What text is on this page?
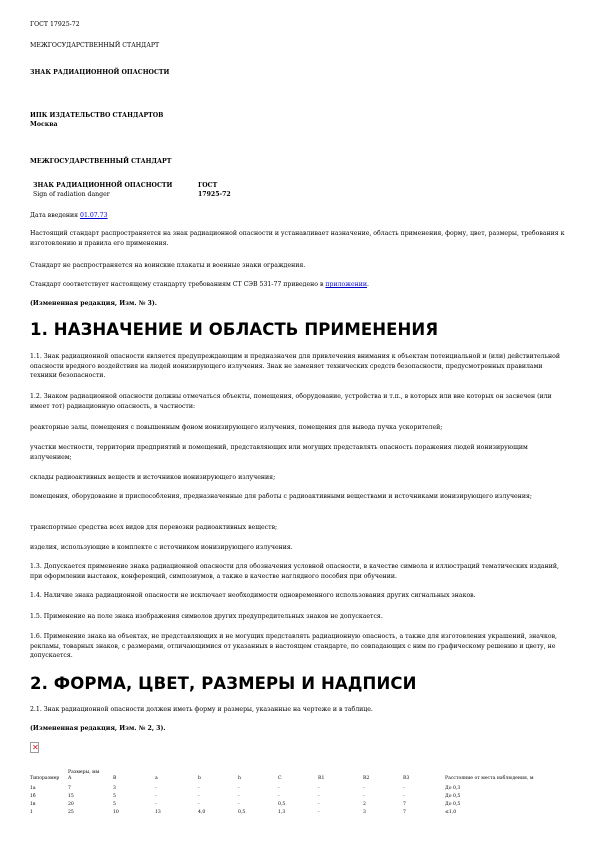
ГОСТ 17925-72
МЕЖГОСУДАРСТВЕННЫЙ СТАНДАРТ
ЗНАК РАДИАЦИОННОЙ ОПАСНОСТИ
ИПК ИЗДАТЕЛЬСТВО СТАНДАРТОВ
Москва
МЕЖГОСУДАРСТВЕННЫЙ СТАНДАРТ
ЗНАК РАДИАЦИОННОЙ ОПАСНОСТИ
Sign of radiation danger
ГОСТ
17925-72
Дата введения 01.07.73
Настоящий стандарт распространяется на знак радиационной опасности и устанавливает назначение, область применения, форму, цвет, размеры, требования к изготовлению и правила его применения.
Стандарт не распространяется на воинские плакаты и военные знаки ограждения.
Стандарт соответствует настоящему стандарту требованиям СТ СЭВ 531-77 приведено в приложении.
(Измененная редакция, Изм. № 3).
1. НАЗНАЧЕНИЕ И ОБЛАСТЬ ПРИМЕНЕНИЯ
1.1. Знак радиационной опасности является предупреждающим и предназначен для привлечения внимания к объектам потенциальной и (или) действительной опасности вредного воздействия на людей ионизирующего излучения. Знак не заменяет технических средств безопасности, предусмотренных правилами техники безопасности.
1.2. Знаком радиационной опасности должны отмечаться объекты, помещения, оборудование, устройства и т.п., в которых или вне которых он засвечен (или имеет тот) радиационную опасность, в частности:
реакторные залы, помещения с повышенным фоном ионизирующего излучения, помещения для вывода пучка ускорителей;
участки местности, территории предприятий и помещений, представляющих или могущих представлять опасность поражения людей ионизирующим излучением;
склады радиоактивных веществ и источников ионизирующего излучения;
помещения, оборудование и приспособления, предназначенные для работы с радиоактивными веществами и источниками ионизирующего излучения;
транспортные средства всех видов для перевозки радиоактивных веществ;
изделия, использующие в комплекте с источником ионизирующего излучения.
1.3. Допускается применение знака радиационной опасности для обозначения условной опасности, в качестве символа и иллюстраций тематических изданий, при оформлении выставок, конференций, симпозиумов, а также в качестве наглядного пособия при обучении.
1.4. Наличие знака радиационной опасности не исключает необходимости одновременного использования других сигнальных знаков.
1.5. Применение на поле знака изображения символов других предупредительных знаков не допускается.
1.6. Применение знака на объектах, не представляющих и не могущих представлять радиационную опасность, а также для изготовления украшений, значков, рекламы, товарных знаков, с размерами, отличающимися от указанных в настоящем стандарте, по совпадающих с ним по графическому решению и цвету, не допускается.
2. ФОРМА, ЦВЕТ, РАЗМЕРЫ И НАДПИСИ
2.1. Знак радиационной опасности должен иметь форму и размеры, указанные на чертеже и в таблице.
(Измененная редакция, Изм. № 2, 3).
✕
Размеры, мм
Типоразмер A	B	a	b	h	C	R1	R2	R3	Расстояние от места наблюдения, м
1a	7	3	-	-	-	-	-	-	-	До 0,3
1б	15	5	-	-	-	-	-	-	-	До 0,5
1в	20	5	-	-	-	0,5	-	2	7	До 0,5
1	25	10	13	4,0	0,5	1,3	-	3	7	≤1,0
